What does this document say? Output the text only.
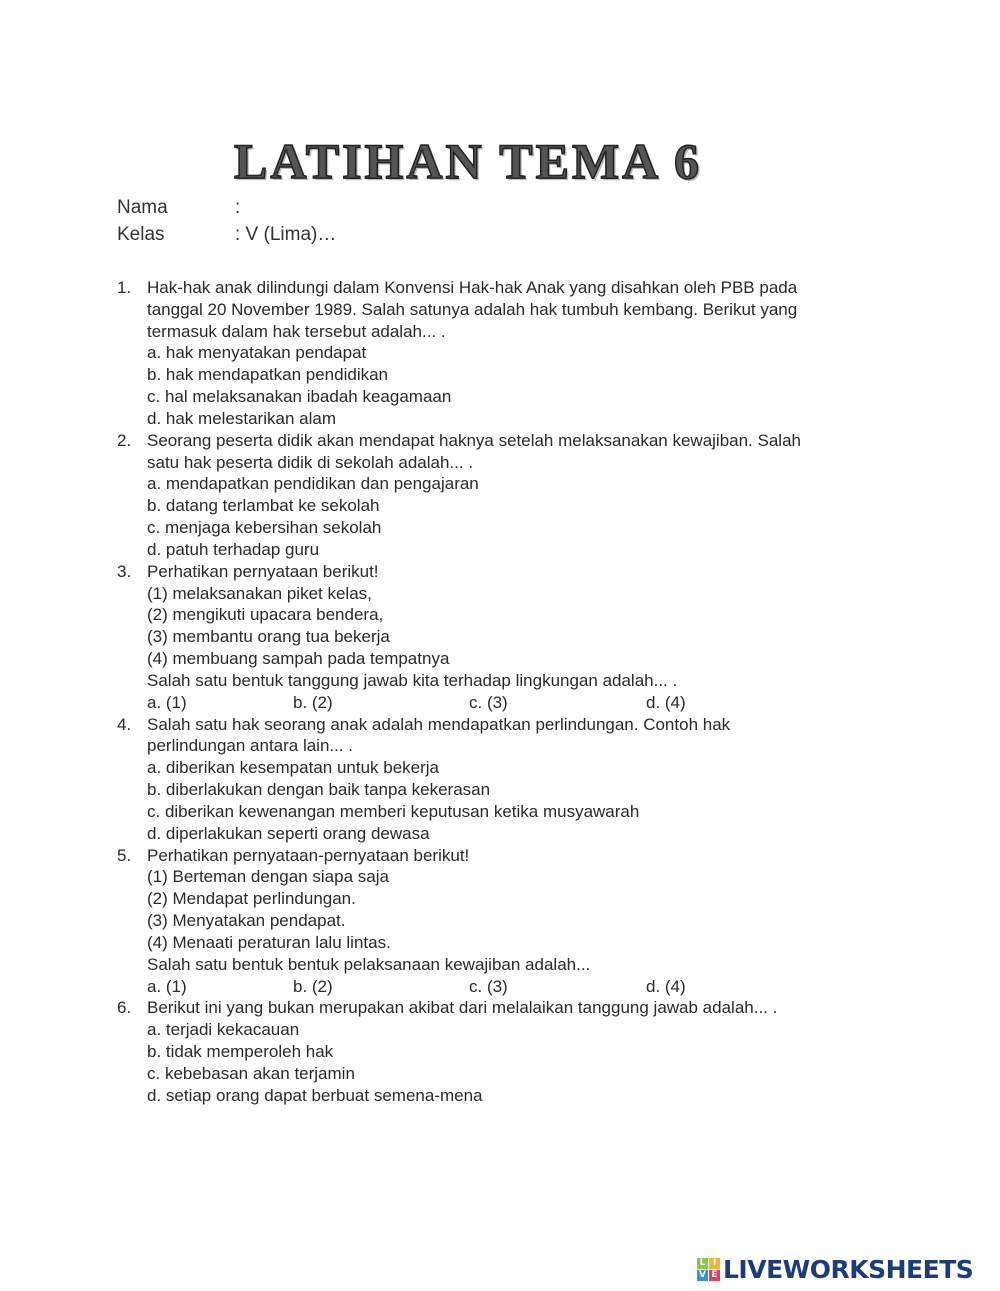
LATIHAN TEMA 6
Nama	:
Kelas	: V (Lima)…
1. Hak-hak anak dilindungi dalam Konvensi Hak-hak Anak yang disahkan oleh PBB pada
tanggal 20 November 1989. Salah satunya adalah hak tumbuh kembang. Berikut yang
termasuk dalam hak tersebut adalah... .
a. hak menyatakan pendapat
b. hak mendapatkan pendidikan
c. hal melaksanakan ibadah keagamaan
d. hak melestarikan alam
2. Seorang peserta didik akan mendapat haknya setelah melaksanakan kewajiban. Salah
satu hak peserta didik di sekolah adalah... .
a. mendapatkan pendidikan dan pengajaran
b. datang terlambat ke sekolah
c. menjaga kebersihan sekolah
d. patuh terhadap guru
3. Perhatikan pernyataan berikut!
(1) melaksanakan piket kelas,
(2) mengikuti upacara bendera,
(3) membantu orang tua bekerja
(4) membuang sampah pada tempatnya
Salah satu bentuk tanggung jawab kita terhadap lingkungan adalah... .
a. (1)	b. (2)	c. (3)	d. (4)
4. Salah satu hak seorang anak adalah mendapatkan perlindungan. Contoh hak
perlindungan antara lain... .
a. diberikan kesempatan untuk bekerja
b. diberlakukan dengan baik tanpa kekerasan
c. diberikan kewenangan memberi keputusan ketika musyawarah
d. diperlakukan seperti orang dewasa
5. Perhatikan pernyataan-pernyataan berikut!
(1) Berteman dengan siapa saja
(2) Mendapat perlindungan.
(3) Menyatakan pendapat.
(4) Menaati peraturan lalu lintas.
Salah satu bentuk bentuk pelaksanaan kewajiban adalah...
a. (1)	b. (2)	c. (3)	d. (4)
6. Berikut ini yang bukan merupakan akibat dari melalaikan tanggung jawab adalah... .
a. terjadi kekacauan
b. tidak memperoleh hak
c. kebebasan akan terjamin
d. setiap orang dapat berbuat semena-mena
L I
V E LIVEWORKSHEETS
